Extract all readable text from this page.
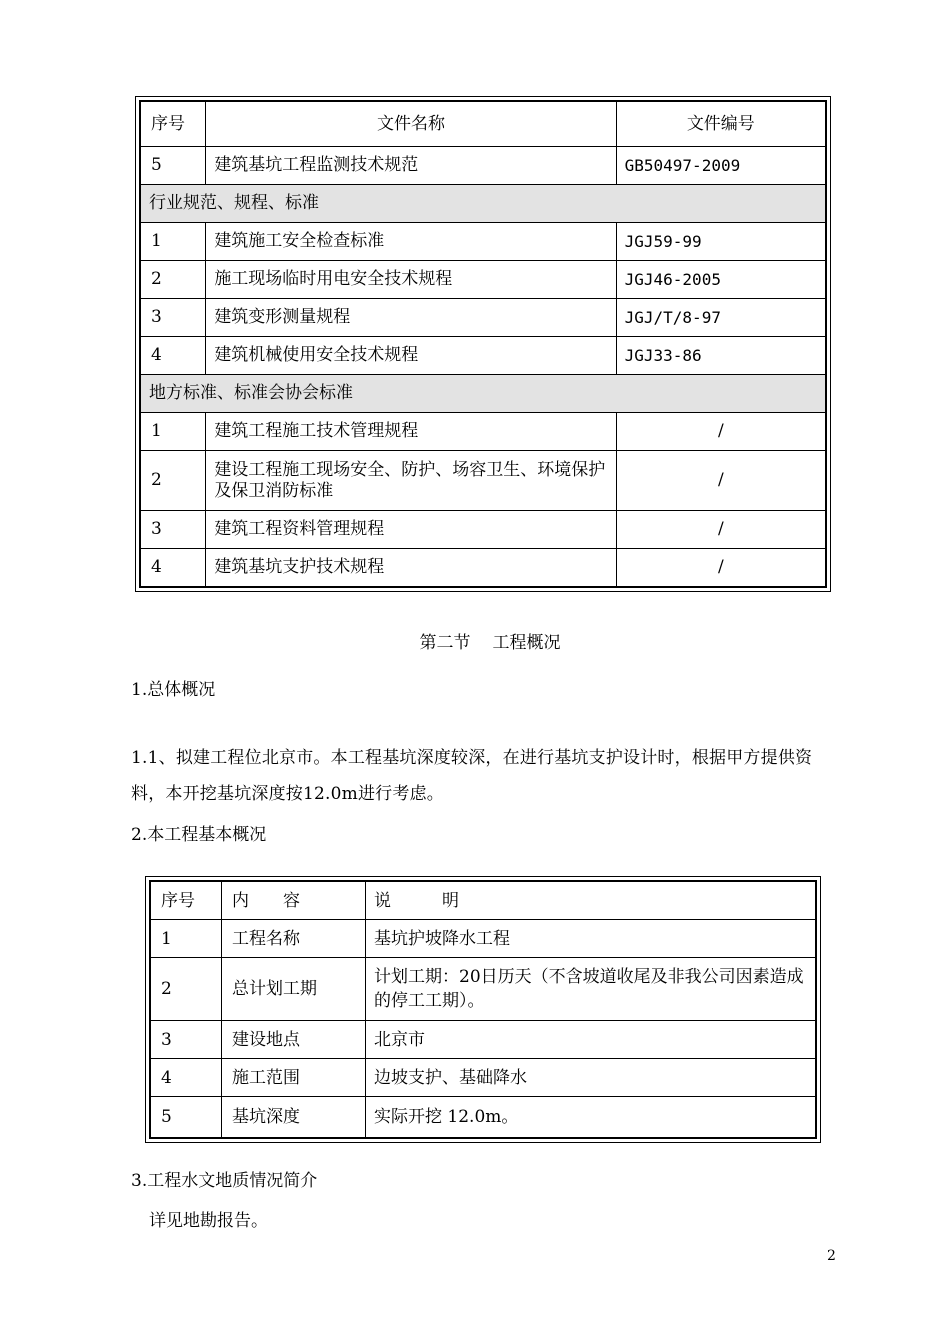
序号	文件名称	文件编号
5	建筑基坑工程监测技术规范	GB50497-2009
行业规范、规程、标准		
1	建筑施工安全检查标准	JGJ59-99
2	施工现场临时用电安全技术规程	JGJ46-2005
3	建筑变形测量规程	JGJ/T/8-97
4	建筑机械使用安全技术规程	JGJ33-86
地方标准、标准会协会标准		
1	建筑工程施工技术管理规程	/
2	建设工程施工现场安全、防护、场容卫生、环境保护及保卫消防标准	/
3	建筑工程资料管理规程	/
4	建筑基坑支护技术规程	/
第二节 工程概况
1.总体概况
1.1、拟建工程位北京市。本工程基坑深度较深，在进行基坑支护设计时，根据甲方提供资料，本开挖基坑深度按12.0m进行考虑。
2.本工程基本概况
序号	内　　容	说　　　明
1	工程名称	基坑护坡降水工程
2	总计划工期	计划工期：20日历天（不含坡道收尾及非我公司因素造成的停工工期）。
3	建设地点	北京市
4	施工范围	边坡支护、基础降水
5	基坑深度	实际开挖 12.0m。
3.工程水文地质情况简介
详见地勘报告。
2
